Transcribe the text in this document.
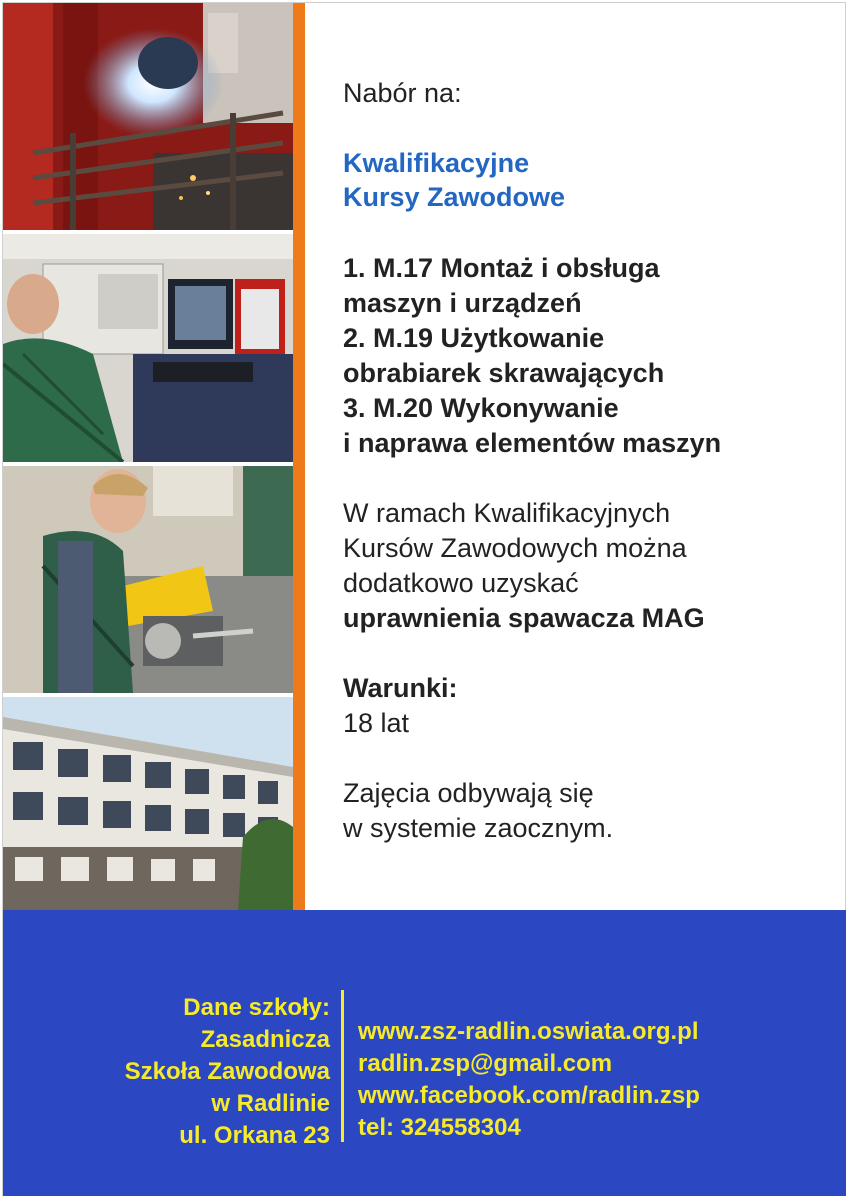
Nabór na:
Kwalifikacyjne
Kursy Zawodowe
1. M.17 Montaż i obsługa
maszyn i urządzeń
2. M.19 Użytkowanie
obrabiarek skrawających
3. M.20 Wykonywanie
i naprawa elementów maszyn
W ramach Kwalifikacyjnych
Kursów Zawodowych można
dodatkowo uzyskać
uprawnienia spawacza MAG
Warunki:
18 lat
Zajęcia odbywają się
w systemie zaocznym.
Dane szkoły:
Zasadnicza
Szkoła Zawodowa
w Radlinie
ul. Orkana 23
www.zsz-radlin.oswiata.org.pl
radlin.zsp@gmail.com
www.facebook.com/radlin.zsp
tel: 324558304
